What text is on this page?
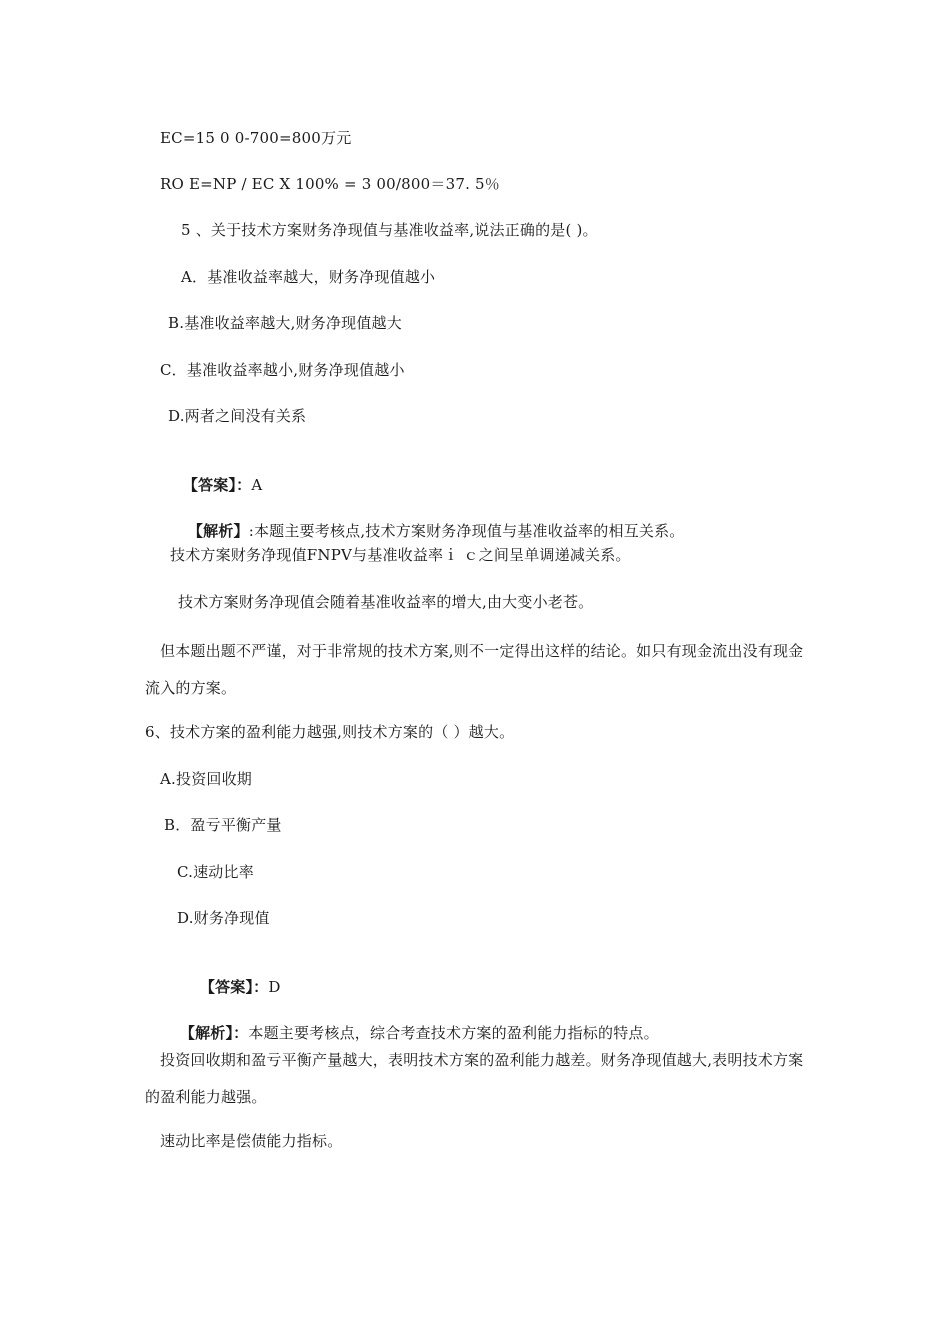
EC=15 0 0-700=800万元
RO E=NP / EC X 100% = 3 00/800＝37. 5％
5 、关于技术方案财务净现值与基准收益率,说法正确的是( )。
A．基准收益率越大，财务净现值越小
B.基准收益率越大,财务净现值越大
C．基准收益率越小,财务净现值越小
D.两者之间没有关系

【答案】：A

【解析】:本题主要考核点,技术方案财务净现值与基准收益率的相互关系。

技术方案财务净现值FNPV与基准收益率ｉ ｃ之间呈单调递减关系。
技术方案财务净现值会随着基准收益率的增大,由大变小老苍。
但本题出题不严谨，对于非常规的技术方案,则不一定得出这样的结论。如只有现金流出没有现金流入的方案。
6、技术方案的盈利能力越强,则技术方案的（ ）越大。
A.投资回收期
B．盈亏平衡产量
C.速动比率
D.财务净现值

【答案】：D

【解析】：本题主要考核点，综合考查技术方案的盈利能力指标的特点。

投资回收期和盈亏平衡产量越大，表明技术方案的盈利能力越差。财务净现值越大,表明技术方案的盈利能力越强。
速动比率是偿债能力指标。
